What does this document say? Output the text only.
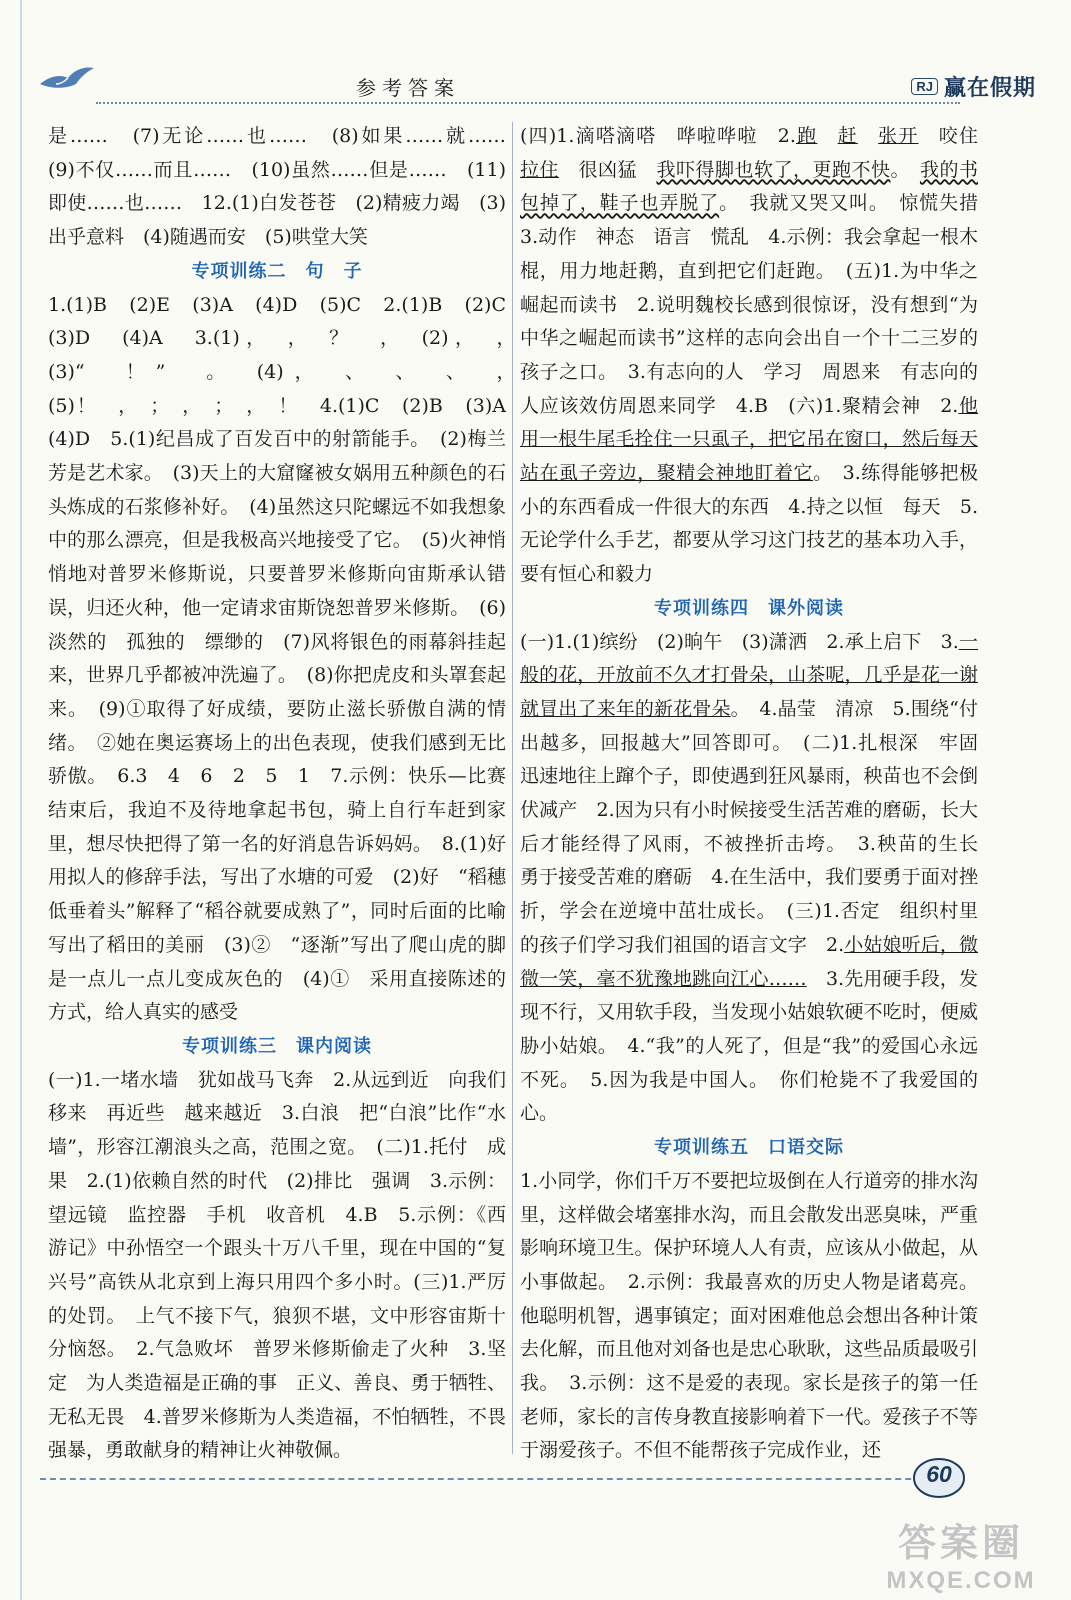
参考答案	RJ 赢在假期

是……　(7)无论……也……　(8)如果……就……　(9)不仅……而且……　(10)虽然……但是……　(11)即使……也……　12.(1)白发苍苍　(2)精疲力竭　(3)出乎意料　(4)随遇而安　(5)哄堂大笑

专项训练二　句　子

1.(1)B　(2)E　(3)A　(4)D　(5)C　2.(1)B　(2)C　(3)D　(4)A　3.(1)，　，　？　，　(2)，　，　(3)“　！”　。　(4)，　、　、　、　，　(5)！　，　；　，　；　，　！　4.(1)C　(2)B　(3)A　(4)D　5.(1)纪昌成了百发百中的射箭能手。　(2)梅兰芳是艺术家。　(3)天上的大窟窿被女娲用五种颜色的石头炼成的石浆修补好。　(4)虽然这只陀螺远不如我想象中的那么漂亮，但是我极高兴地接受了它。　(5)火神悄悄地对普罗米修斯说，只要普罗米修斯向宙斯承认错误，归还火种，他一定请求宙斯饶恕普罗米修斯。　(6)淡然的　孤独的　缥缈的　(7)风将银色的雨幕斜挂起来，世界几乎都被冲洗遍了。　(8)你把虎皮和头罩套起来。　(9)①取得了好成绩，要防止滋长骄傲自满的情绪。　②她在奥运赛场上的出色表现，使我们感到无比骄傲。　6.3　4　6　2　5　1　7.示例：快乐—比赛结束后，我迫不及待地拿起书包，骑上自行车赶到家里，想尽快把得了第一名的好消息告诉妈妈。　8.(1)好　用拟人的修辞手法，写出了水塘的可爱　(2)好　“稻穗低垂着头”解释了“稻谷就要成熟了”，同时后面的比喻写出了稻田的美丽　(3)②　“逐渐”写出了爬山虎的脚是一点儿一点儿变成灰色的　(4)①　采用直接陈述的方式，给人真实的感受

专项训练三　课内阅读

(一)1.一堵水墙　犹如战马飞奔　2.从远到近　向我们移来　再近些　越来越近　3.白浪　把“白浪”比作“水墙”，形容江潮浪头之高，范围之宽。　(二)1.托付　成果　2.(1)依赖自然的时代　(2)排比　强调　3.示例：望远镜　监控器　手机　收音机　4.B　5.示例：《西游记》中孙悟空一个跟头十万八千里，现在中国的“复兴号”高铁从北京到上海只用四个多小时。(三)1.严厉的处罚。　上气不接下气，狼狈不堪，文中形容宙斯十分恼怒。　2.气急败坏　普罗米修斯偷走了火种　3.坚定　为人类造福是正确的事　正义、善良、勇于牺牲、无私无畏　4.普罗米修斯为人类造福，不怕牺牲，不畏强暴，勇敢献身的精神让火神敬佩。

(四)1.滴嗒滴嗒　哗啦哗啦　2.跑　 赶　 张开　咬住　拉住　很凶猛　我吓得脚也软了，更跑不快。　我的书包掉了，鞋子也弄脱了。　我就又哭又叫。　惊慌失措　3.动作　神态　语言　慌乱　4.示例：我会拿起一根木棍，用力地赶鹅，直到把它们赶跑。　(五)1.为中华之崛起而读书　2.说明魏校长感到很惊讶，没有想到“为中华之崛起而读书”这样的志向会出自一个十二三岁的孩子之口。　3.有志向的人　学习　周恩来　有志向的人应该效仿周恩来同学　4.B　(六)1.聚精会神　2.他用一根牛尾毛拴住一只虱子，把它吊在窗口，然后每天站在虱子旁边，聚精会神地盯着它。　3.练得能够把极小的东西看成一件很大的东西　4.持之以恒　每天　5.无论学什么手艺，都要从学习这门技艺的基本功入手，要有恒心和毅力

专项训练四　课外阅读

(一)1.(1)缤纷　(2)晌午　(3)潇洒　2.承上启下　3.一般的花，开放前不久才打骨朵，山茶呢，几乎是花一谢就冒出了来年的新花骨朵。　4.晶莹　清凉　5.围绕“付出越多，回报越大”回答即可。　(二)1.扎根深　牢固　迅速地往上蹿个子，即使遇到狂风暴雨，秧苗也不会倒伏减产　2.因为只有小时候接受生活苦难的磨砺，长大后才能经得了风雨，不被挫折击垮。　3.秧苗的生长　勇于接受苦难的磨砺　4.在生活中，我们要勇于面对挫折，学会在逆境中茁壮成长。　(三)1.否定　组织村里的孩子们学习我们祖国的语言文字　2.小姑娘听后，微微一笑，毫不犹豫地跳向江心……　3.先用硬手段，发现不行，又用软手段，当发现小姑娘软硬不吃时，便威胁小姑娘。　4.“我”的人死了，但是“我”的爱国心永远不死。　5.因为我是中国人。　你们枪毙不了我爱国的心。

专项训练五　口语交际

1.小同学，你们千万不要把垃圾倒在人行道旁的排水沟里，这样做会堵塞排水沟，而且会散发出恶臭味，严重影响环境卫生。保护环境人人有责，应该从小做起，从小事做起。　2.示例：我最喜欢的历史人物是诸葛亮。他聪明机智，遇事镇定；面对困难他总会想出各种计策去化解，而且他对刘备也是忠心耿耿，这些品质最吸引我。　3.示例：这不是爱的表现。家长是孩子的第一任老师，家长的言传身教直接影响着下一代。爱孩子不等于溺爱孩子。不但不能帮孩子完成作业，还

60
答案圈
MXQE.COM
